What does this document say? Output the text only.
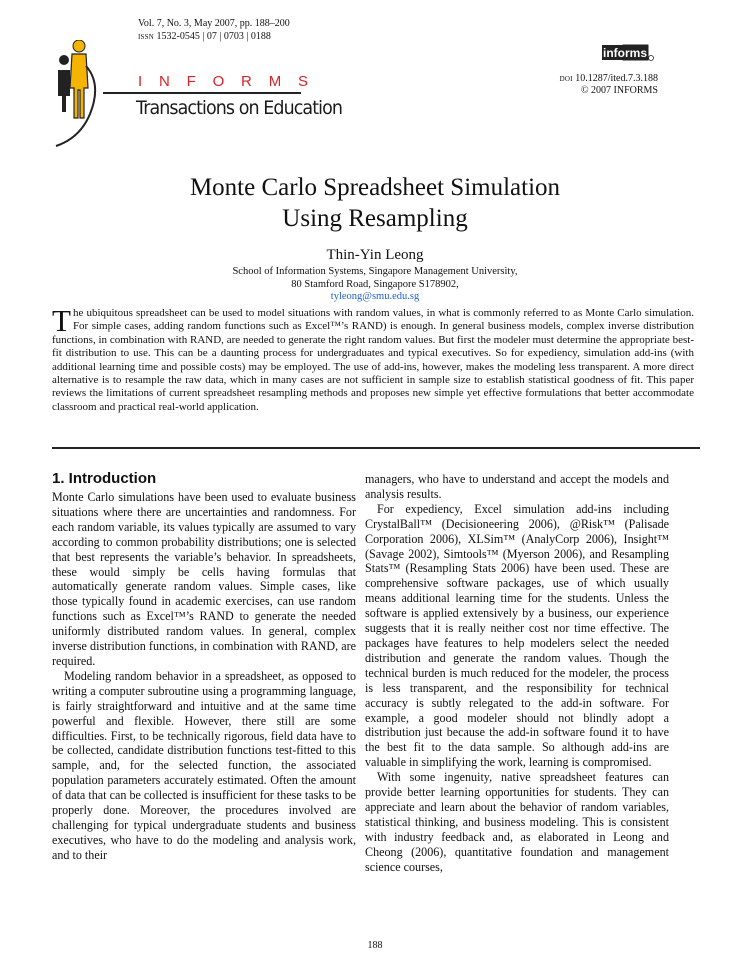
Vol. 7, No. 3, May 2007, pp. 188–200
issn 1532-0545 | 07 | 0703 | 0188
I N F O R M S
Transactions on Education
informs
doi 10.1287/ited.7.3.188
© 2007 INFORMS
Monte Carlo Spreadsheet Simulation
Using Resampling
Thin-Yin Leong
School of Information Systems, Singapore Management University,
80 Stamford Road, Singapore S178902,
tyleong@smu.edu.sg

The ubiquitous spreadsheet can be used to model situations with random values, in what is commonly referred to as Monte Carlo simulation. For simple cases, adding random functions such as Excel™’s RAND) is enough. In general business models, complex inverse distribution functions, in combination with RAND, are needed to generate the right random values. But first the modeler must determine the appropriate best-fit distribution to use. This can be a daunting process for undergraduates and typical executives. So for expediency, simulation add-ins (with additional learning time and possible costs) may be employed. The use of add-ins, however, makes the modeling less transparent. A more direct alternative is to resample the raw data, which in many cases are not sufficient in sample size to establish statistical goodness of fit. This paper reviews the limitations of current spreadsheet resampling methods and proposes new simple yet effective formulations that better accommodate classroom and practical real-world application.

1. Introduction

Monte Carlo simulations have been used to evaluate business situations where there are uncertainties and randomness. For each random variable, its values typically are assumed to vary according to common probability distributions; one is selected that best represents the variable’s behavior. In spreadsheets, these would simply be cells having formulas that automatically generate random values. Simple cases, like those typically found in academic exercises, can use random functions such as Excel™’s RAND to generate the needed uniformly distributed random values. In general, complex inverse distribution functions, in combination with RAND, are required.

Modeling random behavior in a spreadsheet, as opposed to writing a computer subroutine using a programming language, is fairly straightforward and intuitive and at the same time powerful and flexible. However, there still are some difficulties. First, to be technically rigorous, field data have to be collected, candidate distribution functions test-fitted to this sample, and, for the selected function, the associated population parameters accurately estimated. Often the amount of data that can be collected is insufficient for these tasks to be properly done. Moreover, the procedures involved are challenging for typical undergraduate students and business executives, who have to do the modeling and analysis work, and to their

managers, who have to understand and accept the models and analysis results.

For expediency, Excel simulation add-ins including CrystalBall™ (Decisioneering 2006), @Risk™ (Palisade Corporation 2006), XLSim™ (AnalyCorp 2006), Insight™ (Savage 2002), Simtools™ (Myerson 2006), and Resampling Stats™ (Resampling Stats 2006) have been used. These are comprehensive software packages, use of which usually means additional learning time for the students. Unless the software is applied extensively by a business, our experience suggests that it is really neither cost nor time effective. The packages have features to help modelers select the needed distribution and generate the random values. Though the technical burden is much reduced for the modeler, the process is less transparent, and the responsibility for technical accuracy is subtly relegated to the add-in software. For example, a good modeler should not blindly adopt a distribution just because the add-in software found it to have the best fit to the data sample. So although add-ins are valuable in simplifying the work, learning is compromised.

With some ingenuity, native spreadsheet features can provide better learning opportunities for students. They can appreciate and learn about the behavior of random variables, statistical thinking, and business modeling. This is consistent with industry feedback and, as elaborated in Leong and Cheong (2006), quantitative foundation and management science courses,

188
